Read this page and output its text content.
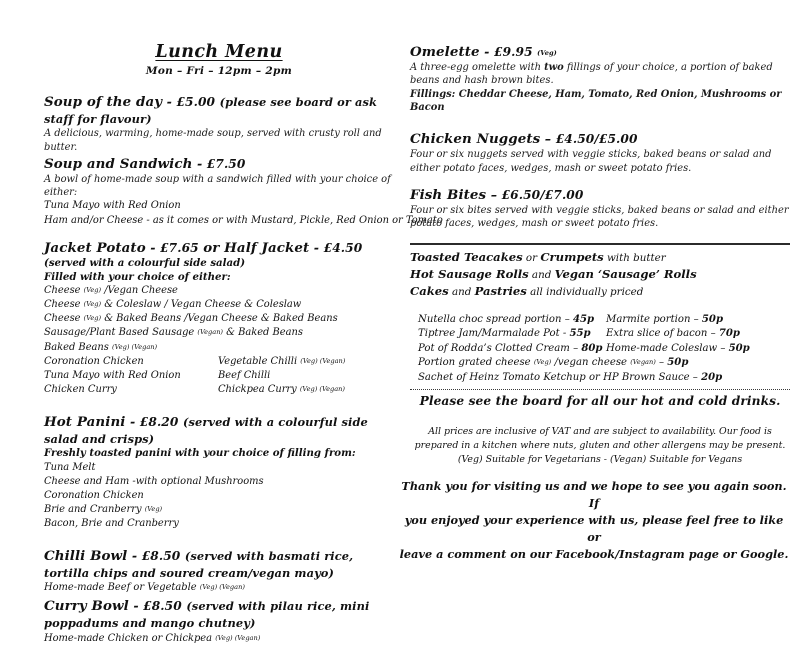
Lunch Menu
Mon – Fri – 12pm – 2pm
Soup of the day - £5.00 (please see board or ask staff for flavour)
A delicious, warming, home-made soup, served with crusty roll and butter.
Soup and Sandwich - £7.50
A bowl of home-made soup with a sandwich filled with your choice of either:
Tuna Mayo with Red Onion
Ham and/or Cheese - as it comes or with Mustard, Pickle, Red Onion or Tomato
Jacket Potato - £7.65 or Half Jacket - £4.50
(served with a colourful side salad)
Filled with your choice of either:
Cheese (Veg) /Vegan Cheese
Cheese (Veg) & Coleslaw / Vegan Cheese & Coleslaw
Cheese (Veg) & Baked Beans /Vegan Cheese & Baked Beans
Sausage/Plant Based Sausage (Vegan) & Baked Beans
Baked Beans (Veg) (Vegan)
Coronation Chicken	Vegetable Chilli (Veg) (Vegan)
Tuna Mayo with Red Onion	Beef Chilli
Chicken Curry	Chickpea Curry (Veg) (Vegan)
Hot Panini - £8.20 (served with a colourful side salad and crisps)
Freshly toasted panini with your choice of filling from:
Tuna Melt
Cheese and Ham -with optional Mushrooms
Coronation Chicken
Brie and Cranberry (Veg)
Bacon, Brie and Cranberry
Chilli Bowl - £8.50 (served with basmati rice, tortilla chips and soured cream/vegan mayo)
Home-made Beef or Vegetable (Veg) (Vegan)
Curry Bowl - £8.50 (served with pilau rice, mini poppadums and mango chutney)
Home-made Chicken or Chickpea (Veg) (Vegan)
Omelette - £9.95 (Veg)
A three-egg omelette with two fillings of your choice, a portion of baked beans and hash brown bites.
Fillings: Cheddar Cheese, Ham, Tomato, Red Onion, Mushrooms or Bacon
Chicken Nuggets – £4.50/£5.00
Four or six nuggets served with veggie sticks, baked beans or salad and either potato faces, wedges, mash or sweet potato fries.
Fish Bites – £6.50/£7.00
Four or six bites served with veggie sticks, baked beans or salad and either potato faces, wedges, mash or sweet potato fries.
Toasted Teacakes or Crumpets with butter
Hot Sausage Rolls and Vegan ‘Sausage’ Rolls
Cakes and Pastries all individually priced
Nutella choc spread portion – 45p Marmite portion – 50p
Tiptree Jam/Marmalade Pot - 55p Extra slice of bacon – 70p
Pot of Rodda’s Clotted Cream – 80p Home-made Coleslaw – 50p
Portion grated cheese (Veg) /vegan cheese (Vegan) – 50p
Sachet of Heinz Tomato Ketchup or HP Brown Sauce – 20p
Please see the board for all our hot and cold drinks.
All prices are inclusive of VAT and are subject to availability. Our food is
prepared in a kitchen where nuts, gluten and other allergens may be present.
(Veg) Suitable for Vegetarians - (Vegan) Suitable for Vegans
Thank you for visiting us and we hope to see you again soon. If
you enjoyed your experience with us, please feel free to like or
leave a comment on our Facebook/Instagram page or Google.
